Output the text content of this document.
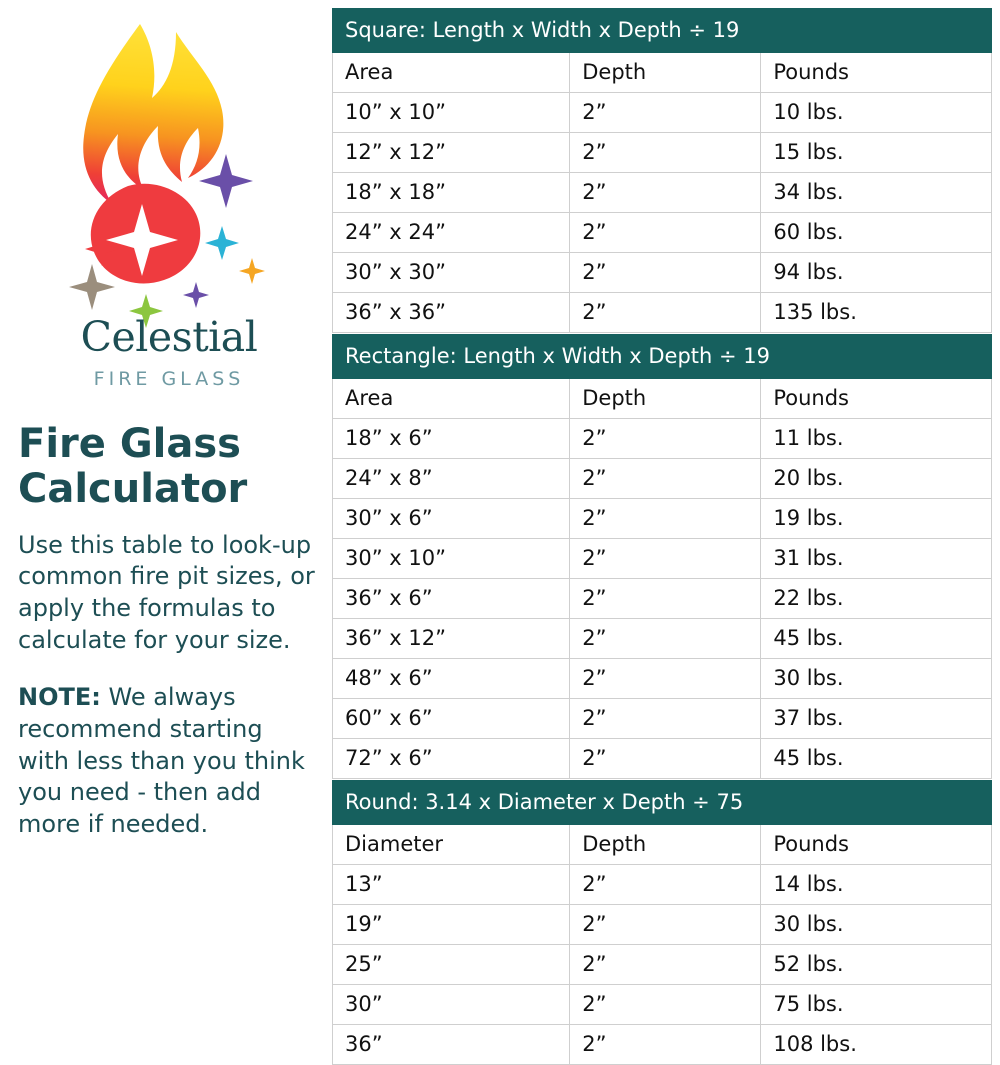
Celestial
FIRE GLASS
Fire Glass Calculator
Use this table to look-up common fire pit sizes, or apply the formulas to calculate for your size.
NOTE: We always recommend starting with less than you think you need - then add more if needed.
Square: Length x Width x Depth ÷ 19		
Area	Depth	Pounds
10” x 10”	2”	10 lbs.
12” x 12”	2”	15 lbs.
18” x 18”	2”	34 lbs.
24” x 24”	2”	60 lbs.
30” x 30”	2”	94 lbs.
36” x 36”	2”	135 lbs.

Rectangle: Length x Width x Depth ÷ 19		
Area	Depth	Pounds
18” x 6”	2”	11 lbs.
24” x 8”	2”	20 lbs.
30” x 6”	2”	19 lbs.
30” x 10”	2”	31 lbs.
36” x 6”	2”	22 lbs.
36” x 12”	2”	45 lbs.
48” x 6”	2”	30 lbs.
60” x 6”	2”	37 lbs.
72” x 6”	2”	45 lbs.

Round: 3.14 x Diameter x Depth ÷ 75		
Diameter	Depth	Pounds
13”	2”	14 lbs.
19”	2”	30 lbs.
25”	2”	52 lbs.
30”	2”	75 lbs.
36”	2”	108 lbs.
